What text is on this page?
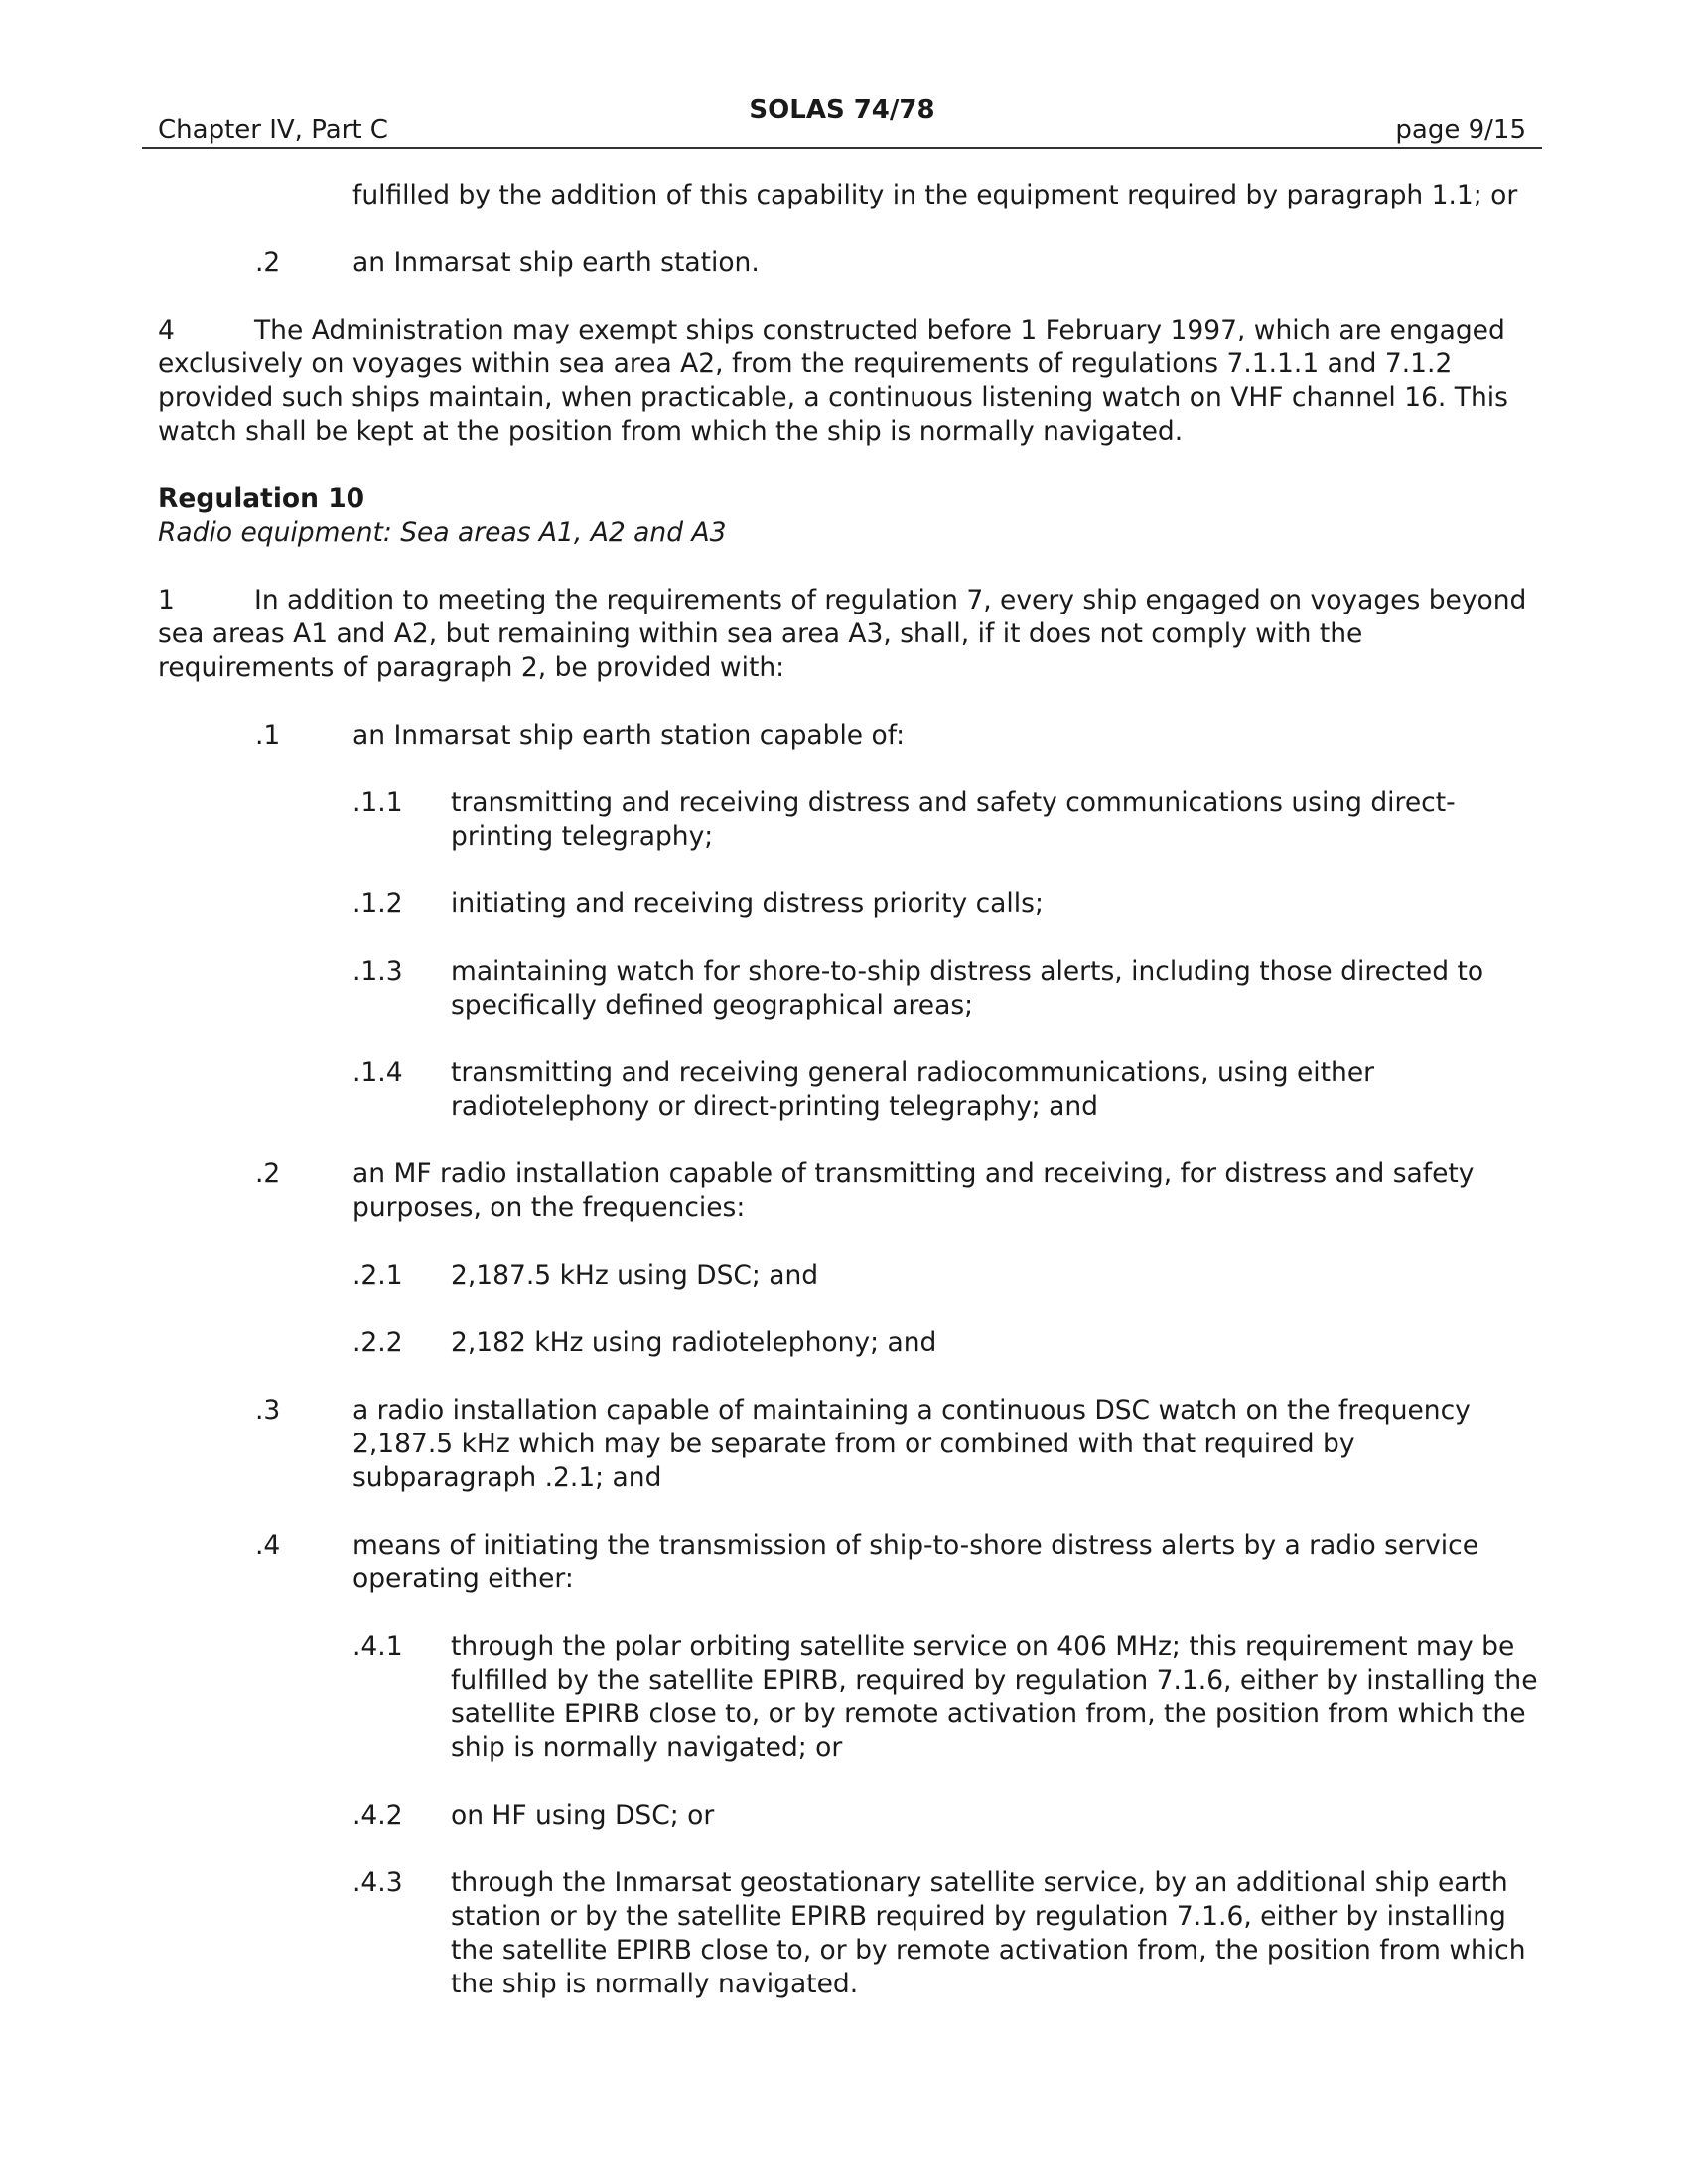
Chapter IV, Part C
SOLAS 74/78
page 9/15

fulfilled by the addition of this capability in the equipment required by paragraph 1.1; or

.2	an Inmarsat ship earth station.

4	The Administration may exempt ships constructed before 1 February 1997, which are engaged exclusively on voyages within sea area A2, from the requirements of regulations 7.1.1.1 and 7.1.2 provided such ships maintain, when practicable, a continuous listening watch on VHF channel 16. This watch shall be kept at the position from which the ship is normally navigated.

Regulation 10

Radio equipment: Sea areas A1, A2 and A3

1	In addition to meeting the requirements of regulation 7, every ship engaged on voyages beyond sea areas A1 and A2, but remaining within sea area A3, shall, if it does not comply with the requirements of paragraph 2, be provided with:

.1	an Inmarsat ship earth station capable of:
.1.1 transmitting and receiving distress and safety communications using direct-printing telegraphy;
.1.2 initiating and receiving distress priority calls;
.1.3 maintaining watch for shore-to-ship distress alerts, including those directed to specifically defined geographical areas;
.1.4 transmitting and receiving general radiocommunications, using either radiotelephony or direct-printing telegraphy; and
.2	an MF radio installation capable of transmitting and receiving, for distress and safety purposes, on the frequencies:
.2.1 2,187.5 kHz using DSC; and
.2.2 2,182 kHz using radiotelephony; and
.3	a radio installation capable of maintaining a continuous DSC watch on the frequency 2,187.5 kHz which may be separate from or combined with that required by subparagraph .2.1; and
.4	means of initiating the transmission of ship-to-shore distress alerts by a radio service operating either:
.4.1 through the polar orbiting satellite service on 406 MHz; this requirement may be fulfilled by the satellite EPIRB, required by regulation 7.1.6, either by installing the satellite EPIRB close to, or by remote activation from, the position from which the ship is normally navigated; or
.4.2 on HF using DSC; or
.4.3 through the Inmarsat geostationary satellite service, by an additional ship earth station or by the satellite EPIRB required by regulation 7.1.6, either by installing the satellite EPIRB close to, or by remote activation from, the position from which the ship is normally navigated.
